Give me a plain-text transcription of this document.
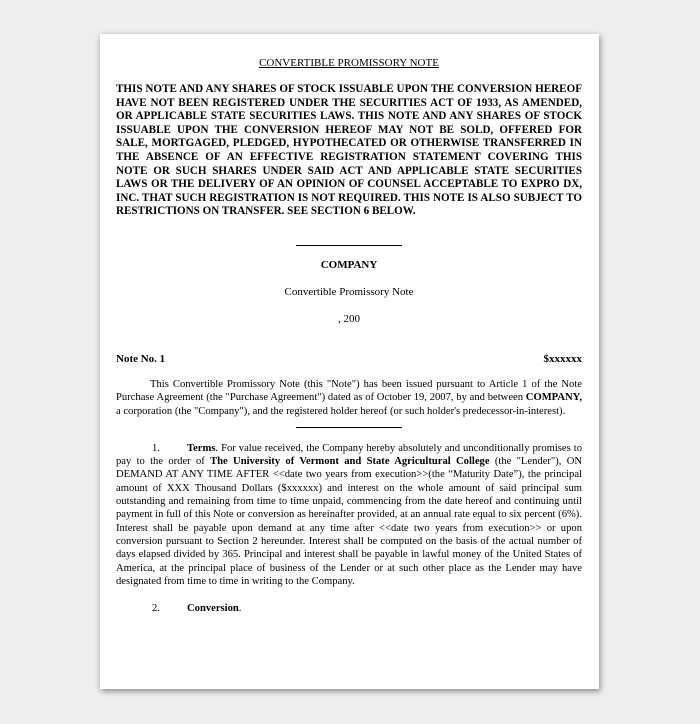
CONVERTIBLE PROMISSORY NOTE

THIS NOTE AND ANY SHARES OF STOCK ISSUABLE UPON THE CONVERSION HEREOF HAVE NOT BEEN REGISTERED UNDER THE SECURITIES ACT OF 1933, AS AMENDED, OR APPLICABLE STATE SECURITIES LAWS. THIS NOTE AND ANY SHARES OF STOCK ISSUABLE UPON THE CONVERSION HEREOF MAY NOT BE SOLD, OFFERED FOR SALE, MORTGAGED, PLEDGED, HYPOTHECATED OR OTHERWISE TRANSFERRED IN THE ABSENCE OF AN EFFECTIVE REGISTRATION STATEMENT COVERING THIS NOTE OR SUCH SHARES UNDER SAID ACT AND APPLICABLE STATE SECURITIES LAWS OR THE DELIVERY OF AN OPINION OF COUNSEL ACCEPTABLE TO EXPRO DX, INC. THAT SUCH REGISTRATION IS NOT REQUIRED. THIS NOTE IS ALSO SUBJECT TO RESTRICTIONS ON TRANSFER. SEE SECTION 6 BELOW.

COMPANY
Convertible Promissory Note
, 200
Note No. 1	$xxxxxx

This Convertible Promissory Note (this "Note") has been issued pursuant to Article 1 of the Note Purchase Agreement (the "Purchase Agreement") dated as of October 19, 2007, by and between COMPANY, a corporation (the "Company"), and the registered holder hereof (or such holder's predecessor-in-interest).

1.	Terms. For value received, the Company hereby absolutely and unconditionally promises to pay to the order of The University of Vermont and State Agricultural College (the "Lender"), ON DEMAND AT ANY TIME AFTER <<date two years from execution>>(the “Maturity Date”), the principal amount of XXX Thousand Dollars ($xxxxxx) and interest on the whole amount of said principal sum outstanding and remaining from time to time unpaid, commencing from the date hereof and continuing until payment in full of this Note or conversion as hereinafter provided, at an annual rate equal to six percent (6%). Interest shall be payable upon demand at any time after <<date two years from execution>> or upon conversion pursuant to Section 2 hereunder. Interest shall be computed on the basis of the actual number of days elapsed divided by 365. Principal and interest shall be payable in lawful money of the United States of America, at the principal place of business of the Lender or at such other place as the Lender may have designated from time to time in writing to the Company.

2.	Conversion.
